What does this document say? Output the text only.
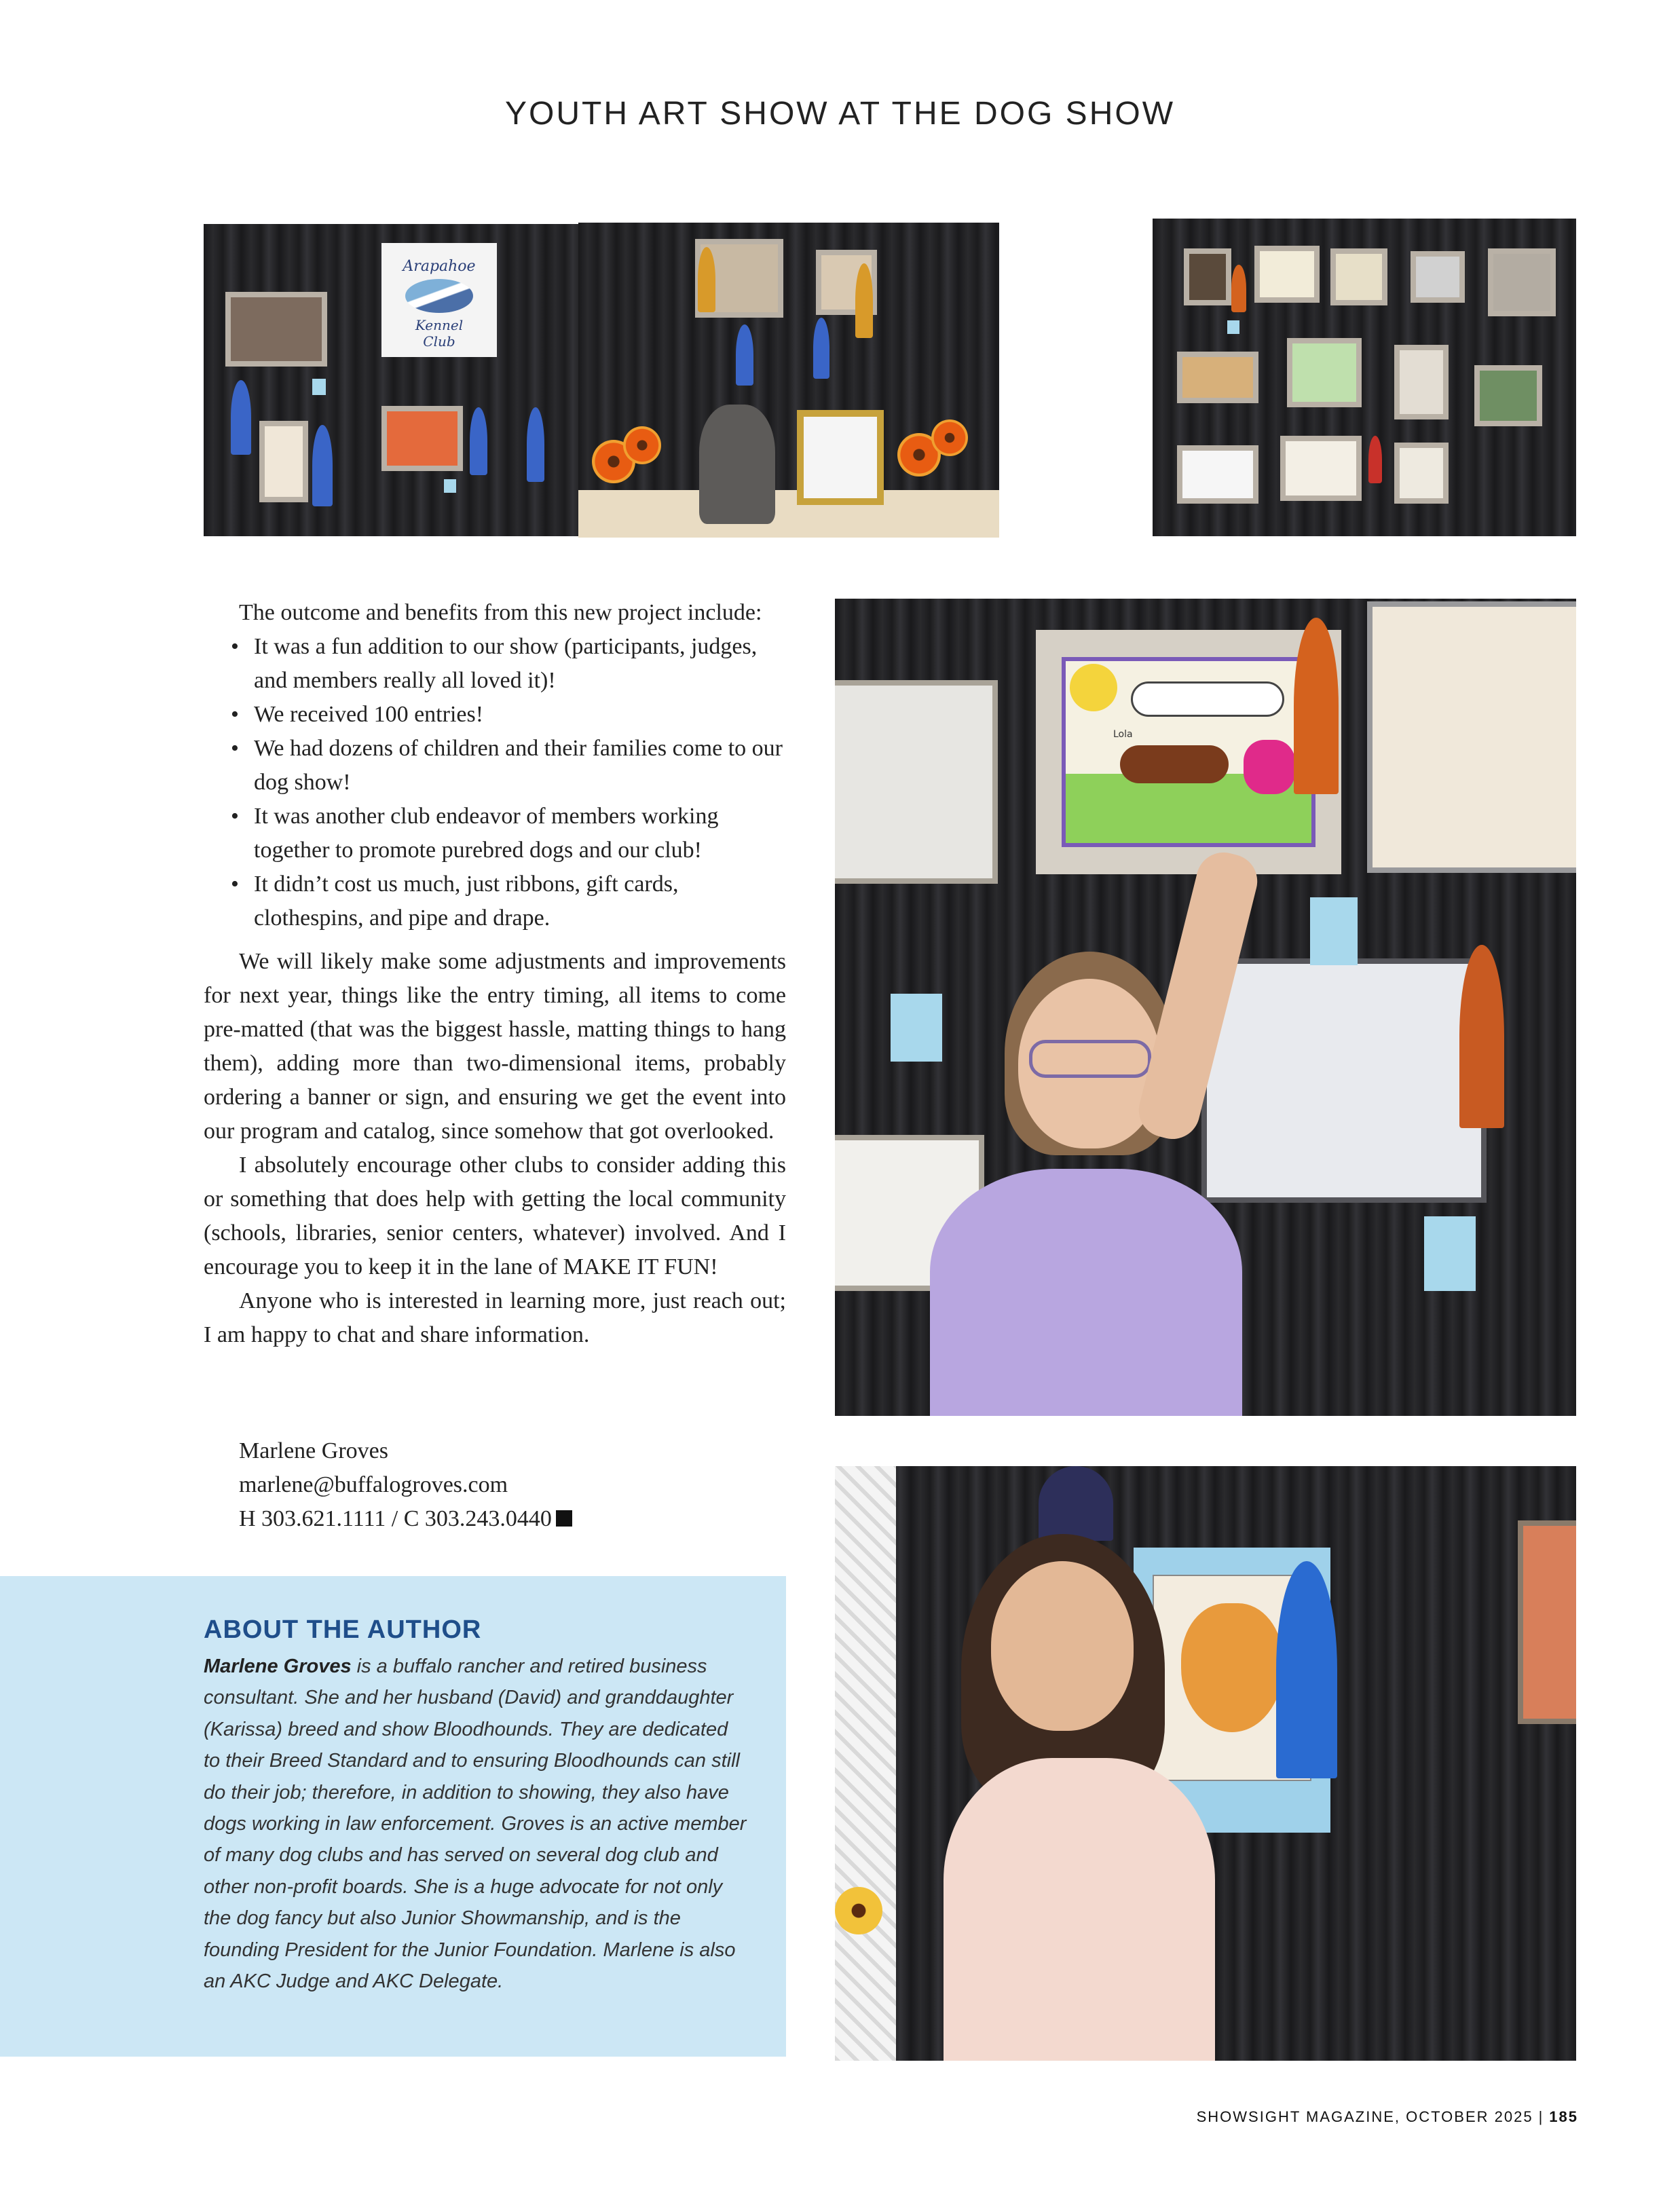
YOUTH ART SHOW AT THE DOG SHOW
Arapahoe
Kennel
Club
Lola
The outcome and benefits from this new project include:
• It was a fun addition to our show (participants, judges, and members really all loved it)!
• We received 100 entries!
• We had dozens of children and their families come to our dog show!
• It was another club endeavor of members working together to promote purebred dogs and our club!
• It didn’t cost us much, just ribbons, gift cards, clothespins, and pipe and drape.

We will likely make some adjustments and improvements for next year, things like the entry timing, all items to come pre-matted (that was the biggest hassle, matting things to hang them), adding more than two-dimensional items, probably ordering a banner or sign, and ensuring we get the event into our program and catalog, since somehow that got overlooked.

I absolutely encourage other clubs to consider adding this or something that does help with getting the local community (schools, libraries, senior centers, whatever) involved. And I encourage you to keep it in the lane of MAKE IT FUN!

Anyone who is interested in learning more, just reach out; I am happy to chat and share information.

Marlene Groves
marlene@buffalogroves.com
H 303.621.1111 / C 303.243.0440
ABOUT THE AUTHOR
Marlene Groves is a buffalo rancher and retired business consultant. She and her husband (David) and granddaughter (Karissa) breed and show Bloodhounds. They are dedicated to their Breed Standard and to ensuring Bloodhounds can still do their job; therefore, in addition to showing, they also have dogs working in law enforcement. Groves is an active member of many dog clubs and has served on several dog club and other non-profit boards. She is a huge advocate for not only the dog fancy but also Junior Showmanship, and is the founding President for the Junior Foundation. Marlene is also an AKC Judge and AKC Delegate.
SHOWSIGHT MAGAZINE, OCTOBER 2025 | 185
